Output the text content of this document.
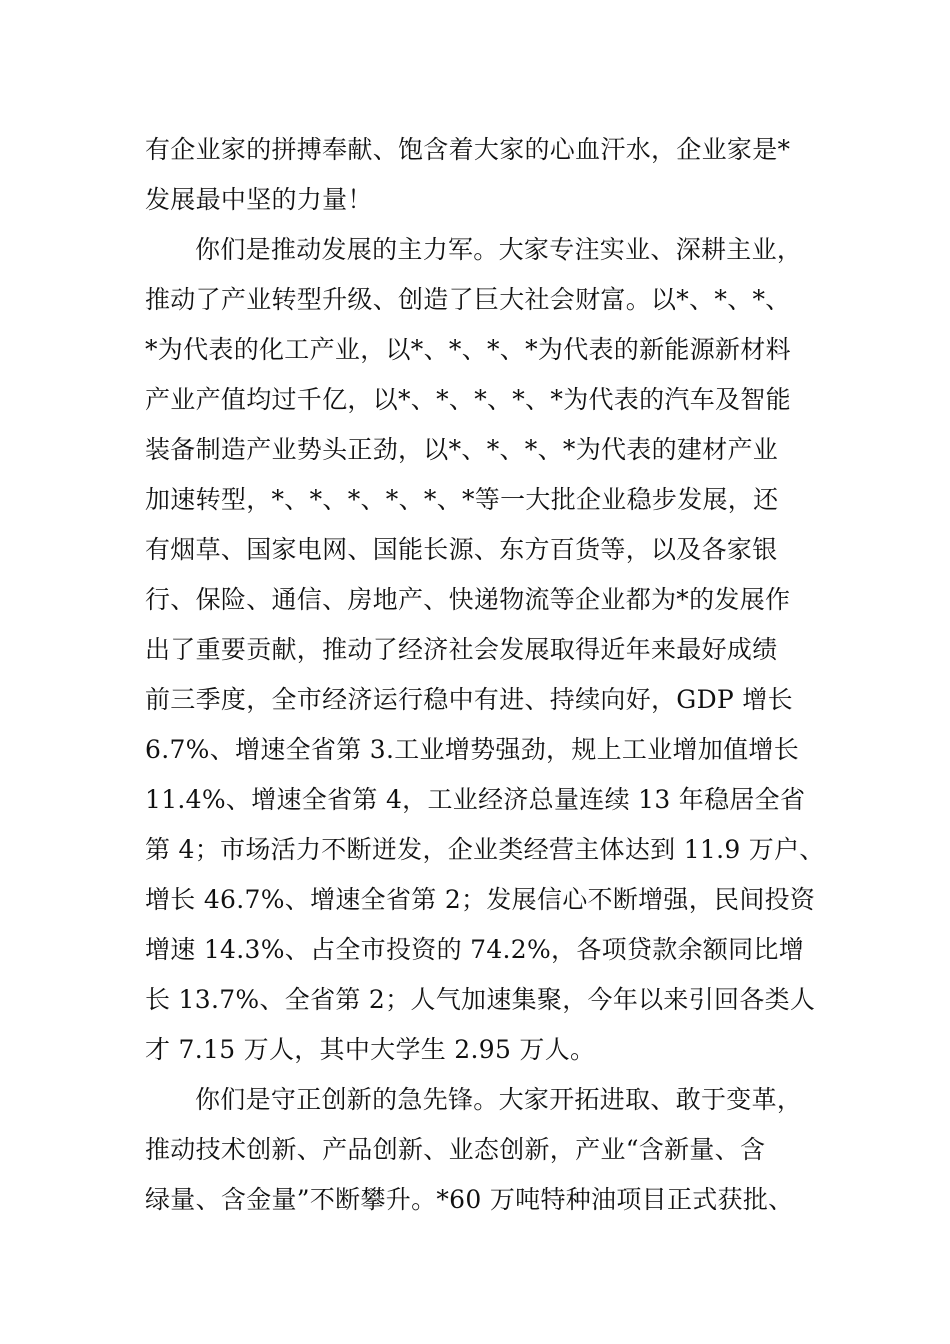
有企业家的拼搏奉献、饱含着大家的心血汗水，企业家是*
发展最中坚的力量！
你们是推动发展的主力军。大家专注实业、深耕主业，
推动了产业转型升级、创造了巨大社会财富。以*、*、*、
*为代表的化工产业，以*、*、*、*为代表的新能源新材料
产业产值均过千亿，以*、*、*、*、*为代表的汽车及智能
装备制造产业势头正劲，以*、*、*、*为代表的建材产业
加速转型，*、*、*、*、*、*等一大批企业稳步发展，还
有烟草、国家电网、国能长源、东方百货等，以及各家银
行、保险、通信、房地产、快递物流等企业都为*的发展作
出了重要贡献，推动了经济社会发展取得近年来最好成绩
前三季度，全市经济运行稳中有进、持续向好，GDP 增长
6.7%、增速全省第 3.工业增势强劲，规上工业增加值增长
11.4%、增速全省第 4，工业经济总量连续 13 年稳居全省
第 4；市场活力不断迸发，企业类经营主体达到 11.9 万户、
增长 46.7%、增速全省第 2；发展信心不断增强，民间投资
增速 14.3%、占全市投资的 74.2%，各项贷款余额同比增
长 13.7%、全省第 2；人气加速集聚，今年以来引回各类人
才 7.15 万人，其中大学生 2.95 万人。
你们是守正创新的急先锋。大家开拓进取、敢于变革，
推动技术创新、产品创新、业态创新，产业“含新量、含
绿量、含金量”不断攀升。*60 万吨特种油项目正式获批、
